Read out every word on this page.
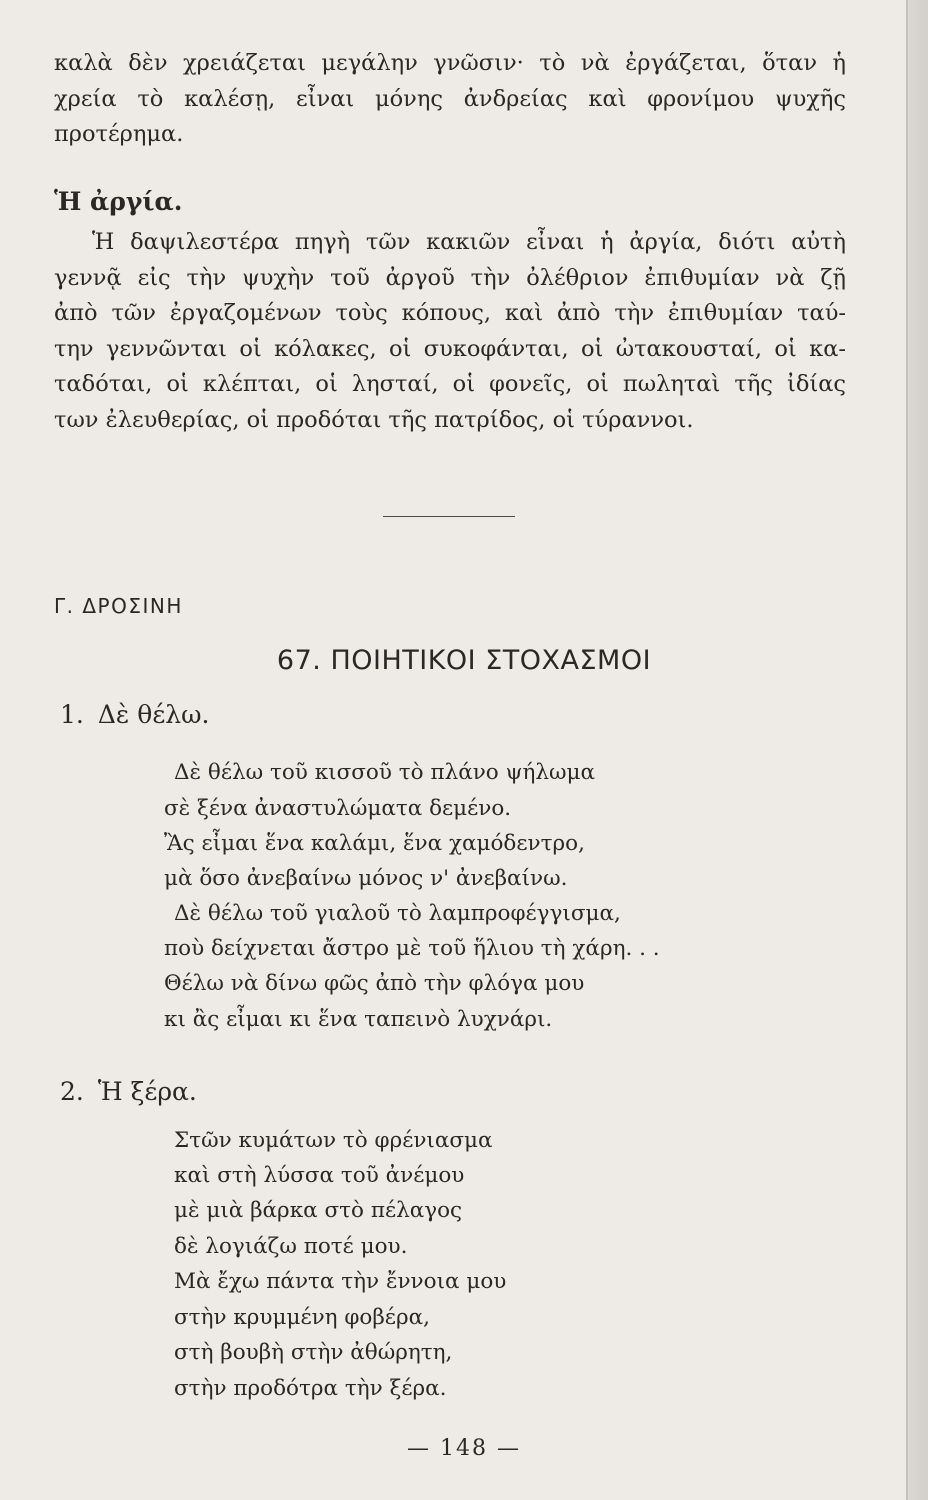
καλὰ δὲν χρειάζεται μεγάλην γνῶσιν· τὸ νὰ ἐργάζεται, ὅταν ἡ
χρεία τὸ καλέσῃ, εἶναι μόνης ἀνδρείας καὶ φρονίμου ψυχῆς
προτέρημα.

Ἡ ἀργία.

Ἡ δαψιλεστέρα πηγὴ τῶν κακιῶν εἶναι ἡ ἀργία, διότι αὐτὴ
γεννᾷ εἰς τὴν ψυχὴν τοῦ ἀργοῦ τὴν ὀλέθριον ἐπιθυμίαν νὰ ζῇ
ἀπὸ τῶν ἐργαζομένων τοὺς κόπους, καὶ ἀπὸ τὴν ἐπιθυμίαν ταύ-
την γεννῶνται οἱ κόλακες, οἱ συκοφάνται, οἱ ὠτακουσταί, οἱ κα-
ταδόται, οἱ κλέπται, οἱ λησταί, οἱ φονεῖς, οἱ πωληταὶ τῆς ἰδίας
των ἐλευθερίας, οἱ προδόται τῆς πατρίδος, οἱ τύραννοι.

Γ. ΔΡΟΣΙΝΗ
67. ΠΟΙΗΤΙΚΟΙ ΣΤΟΧΑΣΜΟΙ
1. Δὲ θέλω.
Δὲ θέλω τοῦ κισσοῦ τὸ πλάνο ψήλωμα
σὲ ξένα ἀναστυλώματα δεμένο.
Ἂς εἶμαι ἕνα καλάμι, ἕνα χαμόδεντρο,
μὰ ὅσο ἀνεβαίνω μόνος ν' ἀνεβαίνω.
Δὲ θέλω τοῦ γιαλοῦ τὸ λαμπροφέγγισμα,
ποὺ δείχνεται ἄστρο μὲ τοῦ ἥλιου τὴ χάρη. . .
Θέλω νὰ δίνω φῶς ἀπὸ τὴν φλόγα μου
κι ἂς εἶμαι κι ἕνα ταπεινὸ λυχνάρι.
2. Ἡ ξέρα.
Στῶν κυμάτων τὸ φρένιασμα
καὶ στὴ λύσσα τοῦ ἀνέμου
μὲ μιὰ βάρκα στὸ πέλαγος
δὲ λογιάζω ποτέ μου.
Μὰ ἔχω πάντα τὴν ἔννοια μου
στὴν κρυμμένη φοβέρα,
στὴ βουβὴ στὴν ἀθώρητη,
στὴν προδότρα τὴν ξέρα.
— 148 —
